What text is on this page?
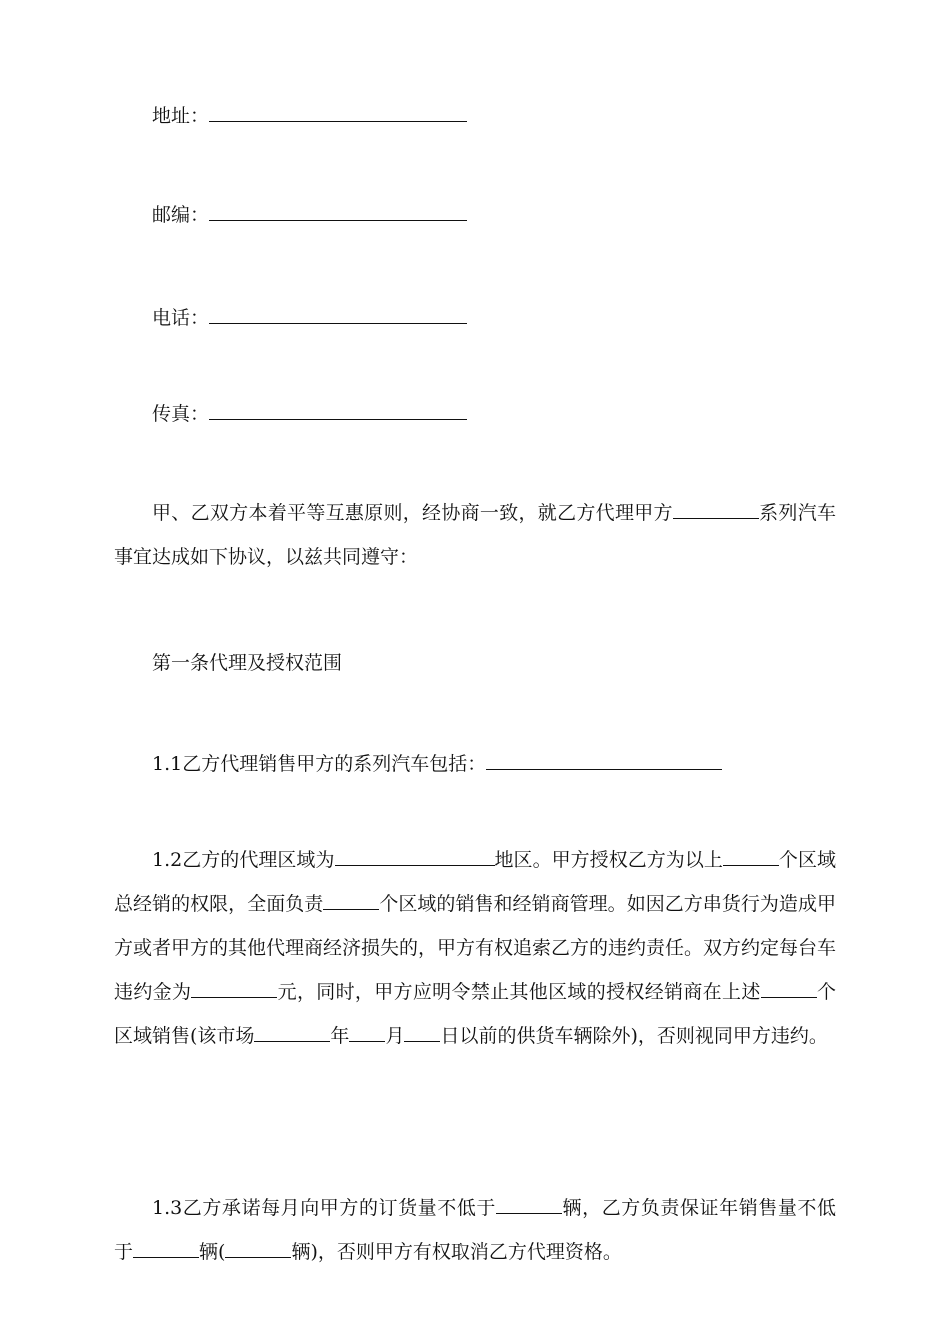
地址：
邮编：
电话：
传真：

甲、乙双方本着平等互惠原则，经协商一致，就乙方代理甲方	系列汽车事宜达成如下协议，以兹共同遵守：

第一条代理及授权范围
1.1乙方代理销售甲方的系列汽车包括：

1.2乙方的代理区域为	地区。甲方授权乙方为以上	个区域总经销的权限，全面负责	个区域的销售和经销商管理。如因乙方串货行为造成甲方或者甲方的其他代理商经济损失的，甲方有权追索乙方的违约责任。双方约定每台车违约金为	元，同时，甲方应明令禁止其他区域的授权经销商在上述	个区域销售(该市场	年 月 日以前的供货车辆除外)，否则视同甲方违约。

1.3乙方承诺每月向甲方的订货量不低于	辆，乙方负责保证年销售量不低于	辆(	辆)，否则甲方有权取消乙方代理资格。
